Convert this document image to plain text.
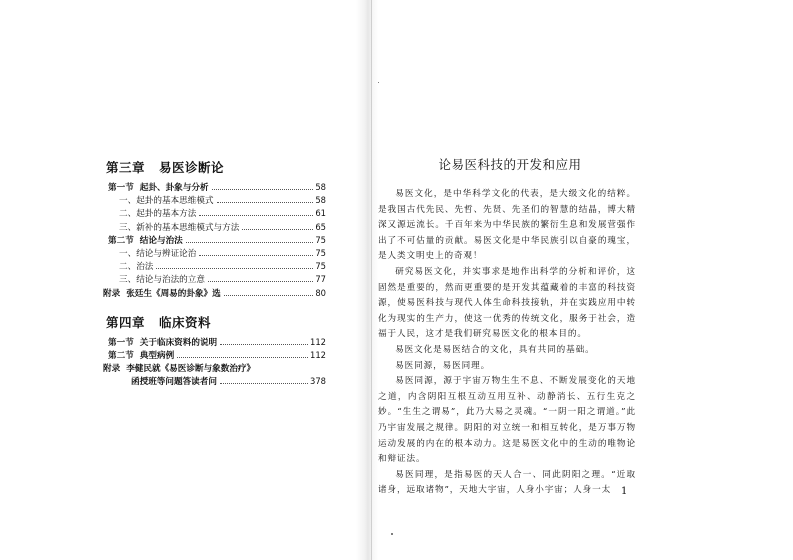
第三章 易医诊断论
第一节 起卦、卦象与分析	58
一、起卦的基本思维模式	58
二、起卦的基本方法	61
三、新补的基本思维模式与方法	65
第二节 结论与治法	75
一、结论与辨证论治	75
二、治法	75
三、结论与治法的立意	77
附录 张廷生《周易的卦象》选	80
第四章 临床资料
第一节 关于临床资料的说明	112
第二节 典型病例	112
附录 李健民就《易医诊断与象数治疗》
函授班等问题答读者问	378
论易医科技的开发和应用

易医文化，是中华科学文化的代表，是大级文化的结粹。是我国古代先民、先哲、先贤、先圣们的智慧的结晶，博大精深又源远流长。千百年来为中华民族的繁衍生息和发展营强作出了不可估量的贡献。易医文化是中华民族引以自豪的瑰宝，是人类文明史上的奇观！

研究易医文化，并实事求是地作出科学的分析和评价，这固然是重要的，然而更重要的是开发其蕴藏着的丰富的科技资源，使易医科技与现代人体生命科技接轨，并在实践应用中转化为现实的生产力，使这一优秀的传统文化，服务于社会，造福于人民，这才是我们研究易医文化的根本目的。

易医文化是易医结合的文化，具有共同的基础。

易医同源，易医同理。

易医同源，源于宇宙万物生生不息、不断发展变化的天地之道，内含阴阳互根互动互用互补、动静消长、五行生克之妙。“生生之谓易”，此乃大易之灵魂。“一阴一阳之谓道。”此乃宇宙发展之规律。阴阳的对立统一和相互转化，是万事万物运动发展的内在的根本动力。这是易医文化中的生动的唯物论和辩证法。

易医同理，是指易医的天人合一、同此阴阳之理。“近取诸身，远取诸物”，天地大宇宙，人身小宇宙；人身一太 1
